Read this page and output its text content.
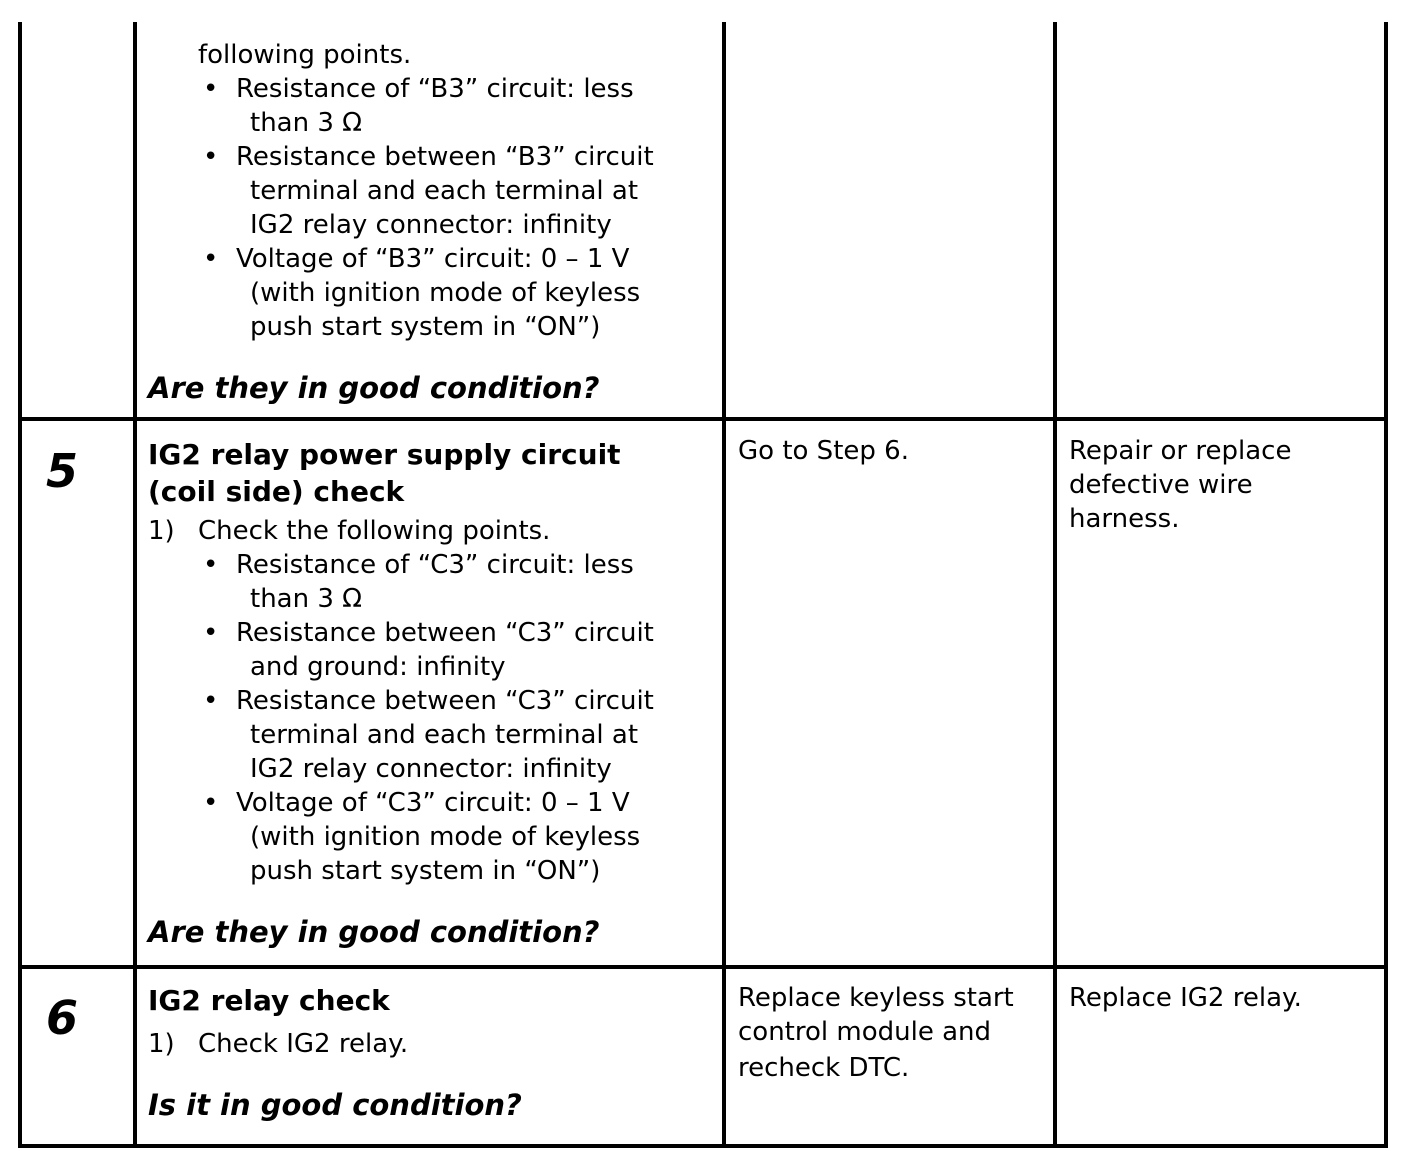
following points.
• Resistance of “B3” circuit: less
than 3 Ω
• Resistance between “B3” circuit
terminal and each terminal at
IG2 relay connector: infinity
• Voltage of “B3” circuit: 0 – 1 V
(with ignition mode of keyless
push start system in “ON”)
Are they in good condition?
5 IG2 relay power supply circuit
(coil side) check
1) Check the following points.
• Resistance of “C3” circuit: less
than 3 Ω
• Resistance between “C3” circuit
and ground: infinity
• Resistance between “C3” circuit
terminal and each terminal at
IG2 relay connector: infinity
• Voltage of “C3” circuit: 0 – 1 V
(with ignition mode of keyless
push start system in “ON”)
Are they in good condition?
Go to Step 6.	Repair or replace
defective wire
harness.
6 IG2 relay check
1) Check IG2 relay.
Is it in good condition?
Replace keyless start
control module and
recheck DTC.
Replace IG2 relay.
